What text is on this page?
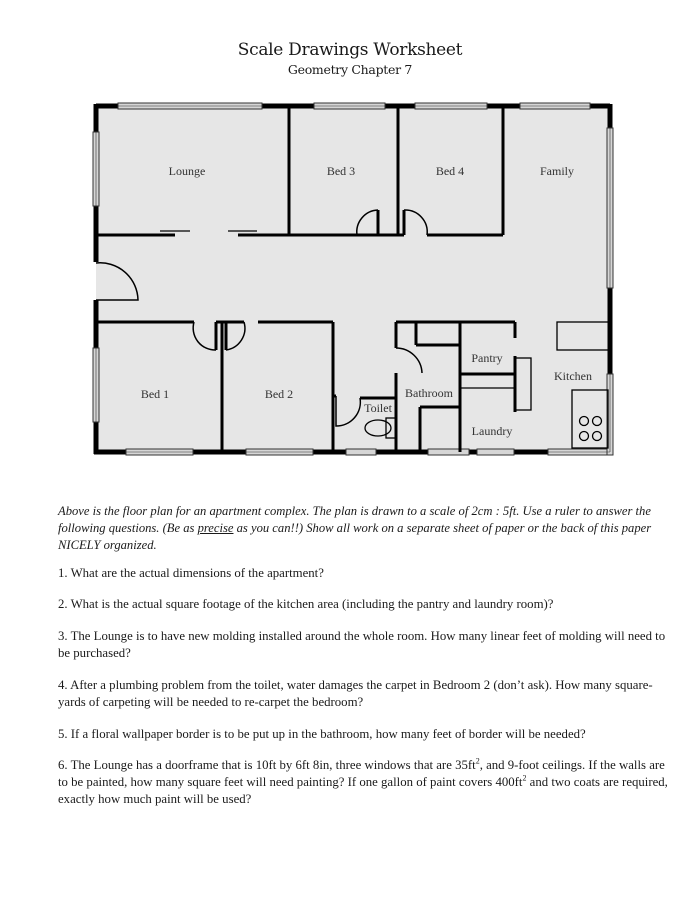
Scale Drawings Worksheet
Geometry Chapter 7
Lounge	Bed 3	Bed 4	Family
Bed 1	Bed 2
Toilet
Bathroom
Pantry
Kitchen
Laundry
Above is the floor plan for an apartment complex. The plan is drawn to a scale of 2cm : 5ft. Use a ruler to answer the following questions. (Be as precise as you can!!) Show all work on a separate sheet of paper or the back of this paper NICELY organized.
1. What are the actual dimensions of the apartment?
2. What is the actual square footage of the kitchen area (including the pantry and laundry room)?
3. The Lounge is to have new molding installed around the whole room. How many linear feet of molding will need to be purchased?
4. After a plumbing problem from the toilet, water damages the carpet in Bedroom 2 (don’t ask). How many square-yards of carpeting will be needed to re-carpet the bedroom?
5. If a floral wallpaper border is to be put up in the bathroom, how many feet of border will be needed?
6. The Lounge has a doorframe that is 10ft by 6ft 8in, three windows that are $35ft^2$, and 9-foot ceilings. If the walls are to be painted, how many square feet will need painting? If one gallon of paint covers $400ft^2$ and two coats are required, exactly how much paint will be used?
